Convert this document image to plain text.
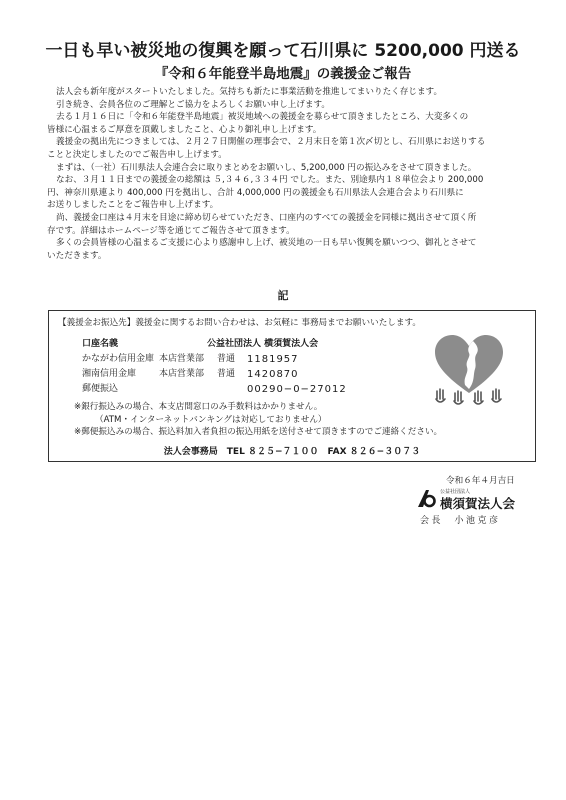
一日も早い被災地の復興を願って石川県に 5200,000 円送る
『令和６年能登半島地震』の義援金ご報告
法人会も新年度がスタートいたしました。気持ちも新たに事業活動を推進してまいりたく存じます。
引き続き、会員各位のご理解とご協力をよろしくお願い申し上げます。
去る１月１６日に「令和６年能登半島地震」被災地域への義援金を募らせて頂きましたところ、大変多くの
皆様に心温まるご厚意を頂戴しましたこと、心より御礼申し上げます。
義援金の拠出先につきましては、２月２７日開催の理事会で、２月末日を第１次〆切とし、石川県にお送りする
ことと決定しましたのでご報告申し上げます。
まずは、（一社）石川県法人会連合会に取りまとめをお願いし、5,200,000 円の振込みをさせて頂きました。
なお、３月１１日までの義援金の総額は ５,３４６,３３４円 でした。また、別途県内１８単位会より 200,000
円、神奈川県連より 400,000 円を拠出し、合計 4,000,000 円の義援金も石川県法人会連合会より石川県に
お送りしましたことをご報告申し上げます。
尚、義援金口座は４月末を目途に締め切らせていただき、口座内のすべての義援金を同様に拠出させて頂く所
存です。詳細はホームページ等を通じてご報告させて頂きます。
多くの会員皆様の心温まるご支援に心より感謝申し上げ、被災地の一日も早い復興を願いつつ、御礼とさせて
いただきます。
記
【義援金お振込先】義援金に関するお問い合わせは、お気軽に 事務局までお願いいたします。
口座名義	公益社団法人 横須賀法人会
かながわ信用金庫 本店営業部	普通	1181957
湘南信用金庫	本店営業部	普通	1420870
郵便振込	00290−0−27012
※銀行振込みの場合、本支店間窓口のみ手数料はかかりません。
（ATM・インターネットバンキングは対応しておりません）
※郵便振込みの場合、振込料加入者負担の振込用紙を送付させて頂きますのでご連絡ください。
法人会事務局　TEL ８２５−７１００　FAX ８２６−３０７３
令和６年４月吉日
公益社団法人
横須賀法人会
会長　小池克彦
